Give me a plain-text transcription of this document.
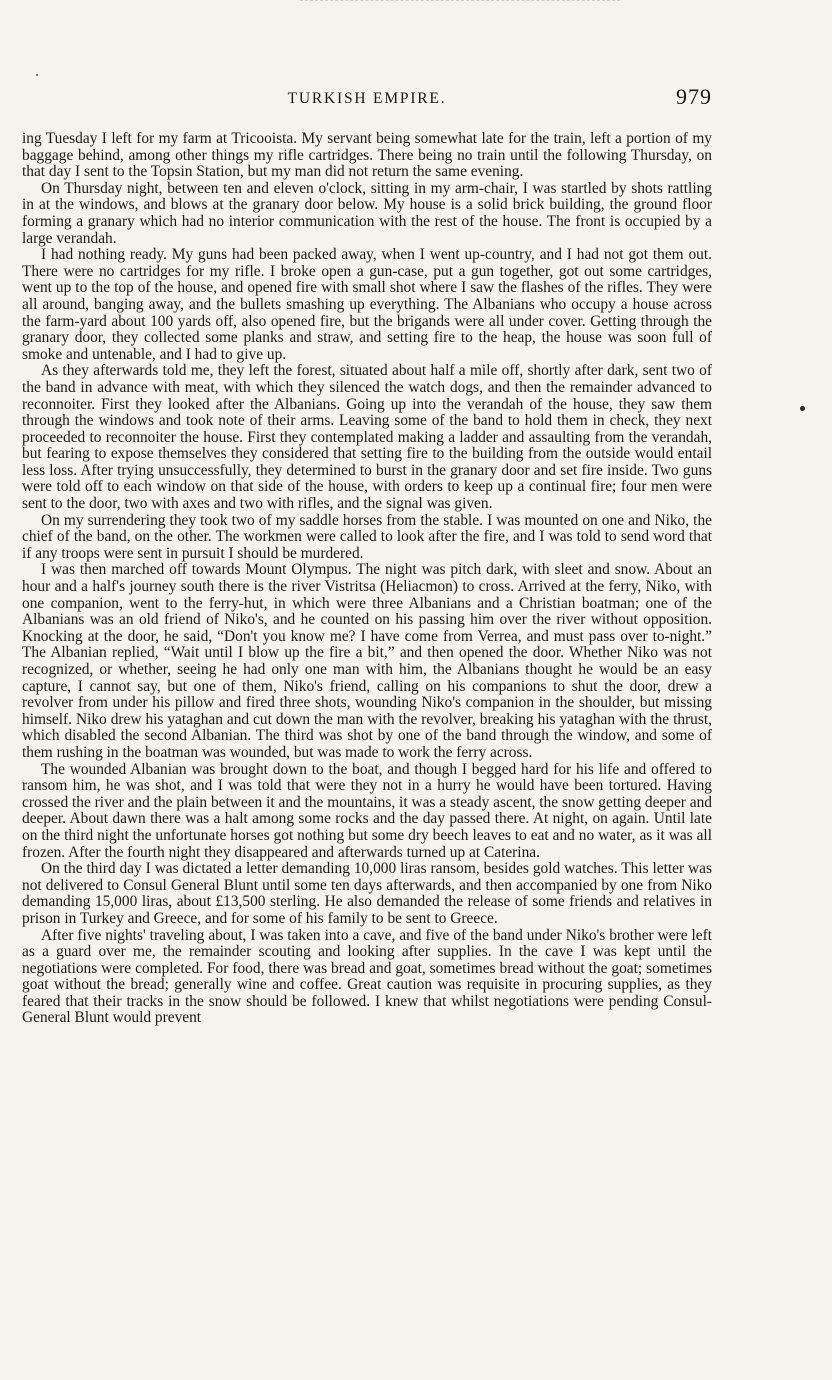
TURKISH EMPIRE.	979

ing Tuesday I left for my farm at Tricooista. My servant being somewhat late for the train, left a portion of my baggage behind, among other things my rifle cartridges. There being no train until the following Thursday, on that day I sent to the Topsin Station, but my man did not return the same evening.

On Thursday night, between ten and eleven o'clock, sitting in my arm-chair, I was startled by shots rattling in at the windows, and blows at the granary door below. My house is a solid brick building, the ground floor forming a granary which had no interior communication with the rest of the house. The front is occupied by a large verandah.

I had nothing ready. My guns had been packed away, when I went up-country, and I had not got them out. There were no cartridges for my rifle. I broke open a gun-case, put a gun together, got out some cartridges, went up to the top of the house, and opened fire with small shot where I saw the flashes of the rifles. They were all around, banging away, and the bullets smashing up everything. The Albanians who occupy a house across the farm-yard about 100 yards off, also opened fire, but the brigands were all under cover. Getting through the granary door, they collected some planks and straw, and setting fire to the heap, the house was soon full of smoke and untenable, and I had to give up.

As they afterwards told me, they left the forest, situated about half a mile off, shortly after dark, sent two of the band in advance with meat, with which they silenced the watch dogs, and then the remainder advanced to reconnoiter. First they looked after the Albanians. Going up into the verandah of the house, they saw them through the windows and took note of their arms. Leaving some of the band to hold them in check, they next proceeded to reconnoiter the house. First they contemplated making a ladder and assaulting from the verandah, but fearing to expose themselves they considered that setting fire to the building from the outside would entail less loss. After trying unsuccessfully, they determined to burst in the granary door and set fire inside. Two guns were told off to each window on that side of the house, with orders to keep up a continual fire; four men were sent to the door, two with axes and two with rifles, and the signal was given.

On my surrendering they took two of my saddle horses from the stable. I was mounted on one and Niko, the chief of the band, on the other. The workmen were called to look after the fire, and I was told to send word that if any troops were sent in pursuit I should be murdered.

I was then marched off towards Mount Olympus. The night was pitch dark, with sleet and snow. About an hour and a half's journey south there is the river Vistritsa (Heliacmon) to cross. Arrived at the ferry, Niko, with one companion, went to the ferry-hut, in which were three Albanians and a Christian boatman; one of the Albanians was an old friend of Niko's, and he counted on his passing him over the river without opposition. Knocking at the door, he said, “Don't you know me? I have come from Verrea, and must pass over to-night.” The Albanian replied, “Wait until I blow up the fire a bit,” and then opened the door. Whether Niko was not recognized, or whether, seeing he had only one man with him, the Albanians thought he would be an easy capture, I cannot say, but one of them, Niko's friend, calling on his companions to shut the door, drew a revolver from under his pillow and fired three shots, wounding Niko's companion in the shoulder, but missing himself. Niko drew his yataghan and cut down the man with the revolver, breaking his yataghan with the thrust, which disabled the second Albanian. The third was shot by one of the band through the window, and some of them rushing in the boatman was wounded, but was made to work the ferry across.

The wounded Albanian was brought down to the boat, and though I begged hard for his life and offered to ransom him, he was shot, and I was told that were they not in a hurry he would have been tortured. Having crossed the river and the plain between it and the mountains, it was a steady ascent, the snow getting deeper and deeper. About dawn there was a halt among some rocks and the day passed there. At night, on again. Until late on the third night the unfortunate horses got nothing but some dry beech leaves to eat and no water, as it was all frozen. After the fourth night they disappeared and afterwards turned up at Caterina.

On the third day I was dictated a letter demanding 10,000 liras ransom, besides gold watches. This letter was not delivered to Consul General Blunt until some ten days afterwards, and then accompanied by one from Niko demanding 15,000 liras, about £13,500 sterling. He also demanded the release of some friends and relatives in prison in Turkey and Greece, and for some of his family to be sent to Greece.

After five nights' traveling about, I was taken into a cave, and five of the band under Niko's brother were left as a guard over me, the remainder scouting and looking after supplies. In the cave I was kept until the negotiations were completed. For food, there was bread and goat, sometimes bread without the goat; sometimes goat without the bread; generally wine and coffee. Great caution was requisite in procuring supplies, as they feared that their tracks in the snow should be followed. I knew that whilst negotiations were pending Consul-General Blunt would prevent
